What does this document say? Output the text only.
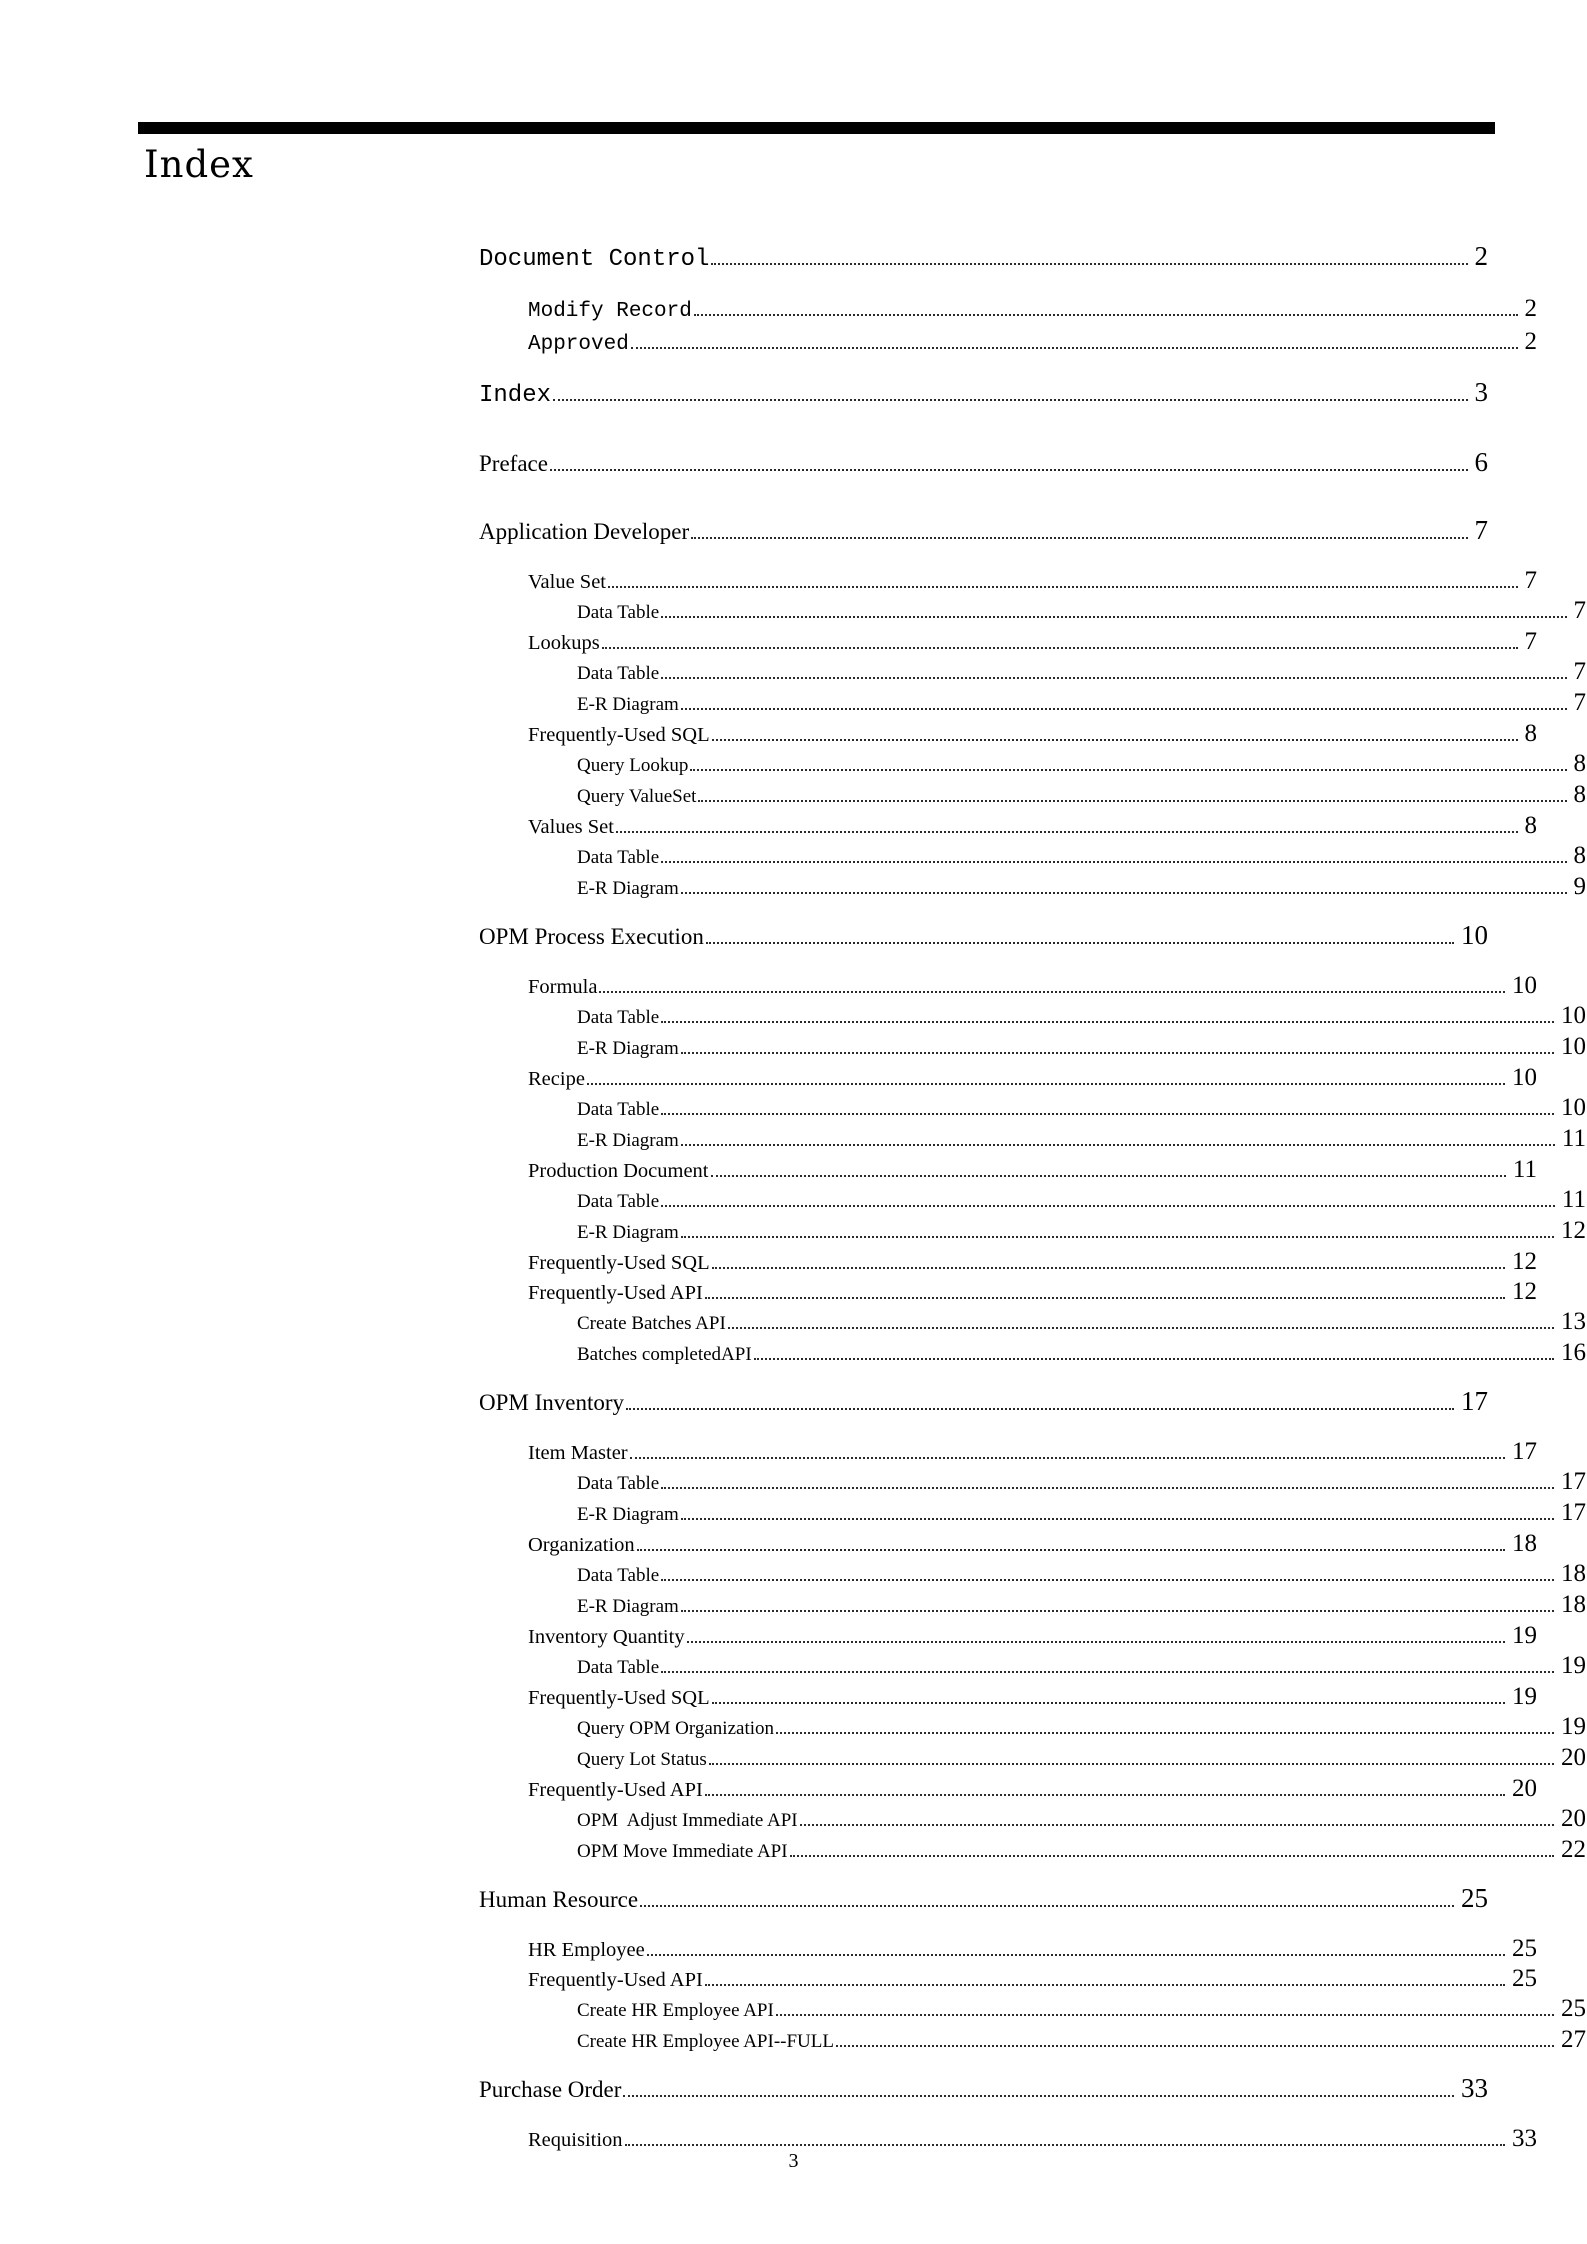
Index
Document Control	2
Modify Record	2
Approved	2
Index	3
Preface	6
Application Developer	7
Value Set	7
Data Table	7
Lookups	7
Data Table	7
E-R Diagram	7
Frequently-Used SQL	8
Query Lookup	8
Query ValueSet	8
Values Set	8
Data Table	8
E-R Diagram	9
OPM Process Execution	10
Formula	10
Data Table	10
E-R Diagram	10
Recipe	10
Data Table	10
E-R Diagram	11
Production Document	11
Data Table	11
E-R Diagram	12
Frequently-Used SQL	12
Frequently-Used API	12
Create Batches API	13
Batches completedAPI	16
OPM Inventory	17
Item Master	17
Data Table	17
E-R Diagram	17
Organization	18
Data Table	18
E-R Diagram	18
Inventory Quantity	19
Data Table	19
Frequently-Used SQL	19
Query OPM Organization	19
Query Lot Status	20
Frequently-Used API	20
OPM  Adjust Immediate API	20
OPM Move Immediate API	22
Human Resource	25
HR Employee	25
Frequently-Used API	25
Create HR Employee API	25
Create HR Employee API--FULL	27
Purchase Order	33
Requisition	33
3
